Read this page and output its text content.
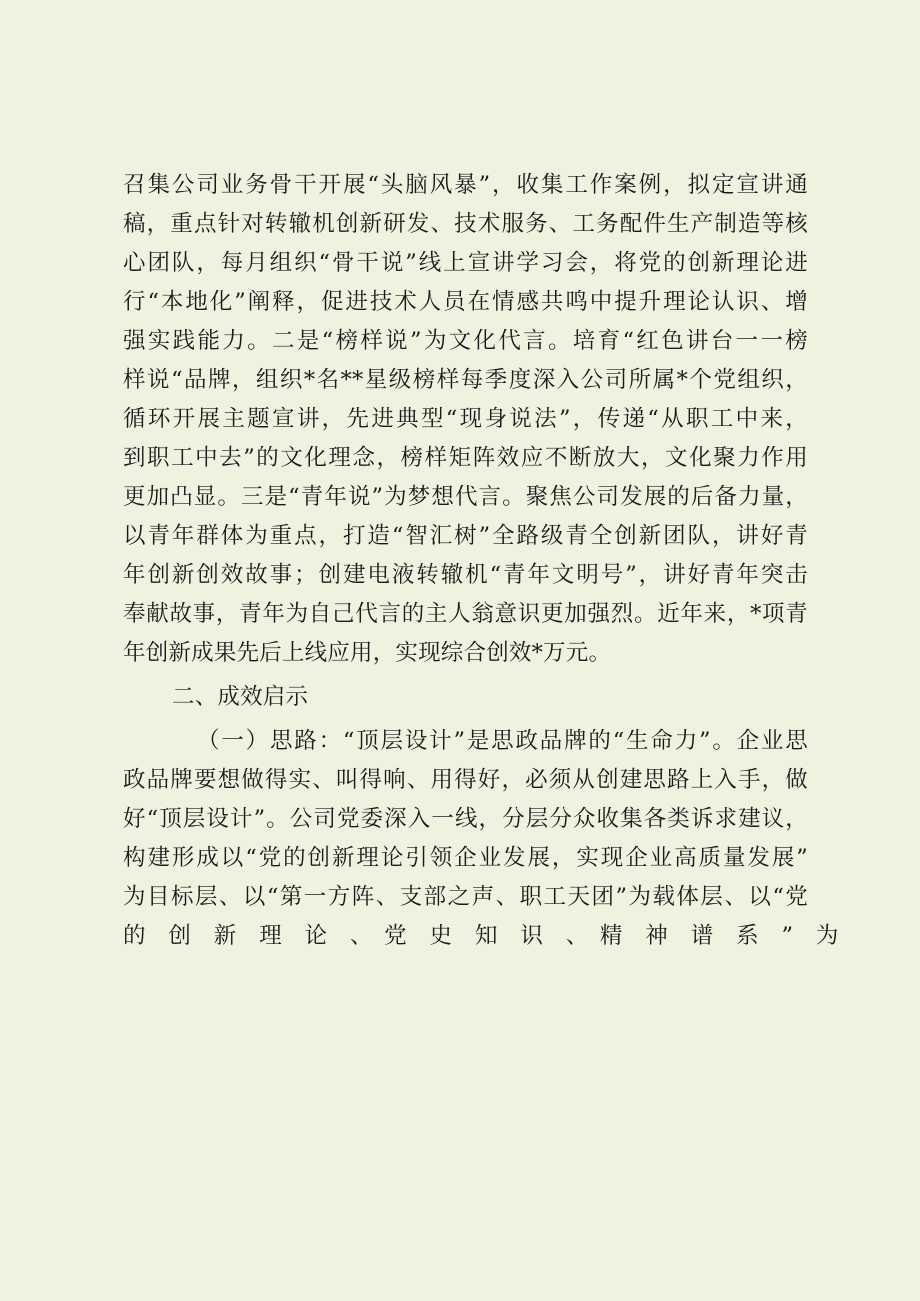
召集公司业务骨干开展“头脑风暴”，收集工作案例，拟定宣讲通
稿，重点针对转辙机创新研发、技术服务、工务配件生产制造等核
心团队，每月组织“骨干说”线上宣讲学习会，将党的创新理论进
行“本地化”阐释，促进技术人员在情感共鸣中提升理论认识、增
强实践能力。二是“榜样说”为文化代言。培育“红色讲台一一榜
样说“品牌，组织*名**星级榜样每季度深入公司所属*个党组织，
循环开展主题宣讲，先进典型“现身说法”，传递“从职工中来，
到职工中去”的文化理念，榜样矩阵效应不断放大，文化聚力作用
更加凸显。三是“青年说”为梦想代言。聚焦公司发展的后备力量，
以青年群体为重点，打造“智汇树”全路级青仝创新团队，讲好青
年创新创效故事；创建电液转辙机“青年文明号”，讲好青年突击
奉献故事，青年为自己代言的主人翁意识更加强烈。近年来，*项青
年创新成果先后上线应用，实现综合创效*万元。
二、成效启示
（一）思路：“顶层设计”是思政品牌的“生命力”。企业思
政品牌要想做得实、叫得响、用得好，必须从创建思路上入手，做
好“顶层设计”。公司党委深入一线，分层分众收集各类诉求建议，
构建形成以“党的创新理论引领企业发展，实现企业高质量发展”
为目标层、以“第一方阵、支部之声、职工天团”为载体层、以“党
的　创　新　理　论　、　党　史　知　识　、　精　神　谱　系　”　为
